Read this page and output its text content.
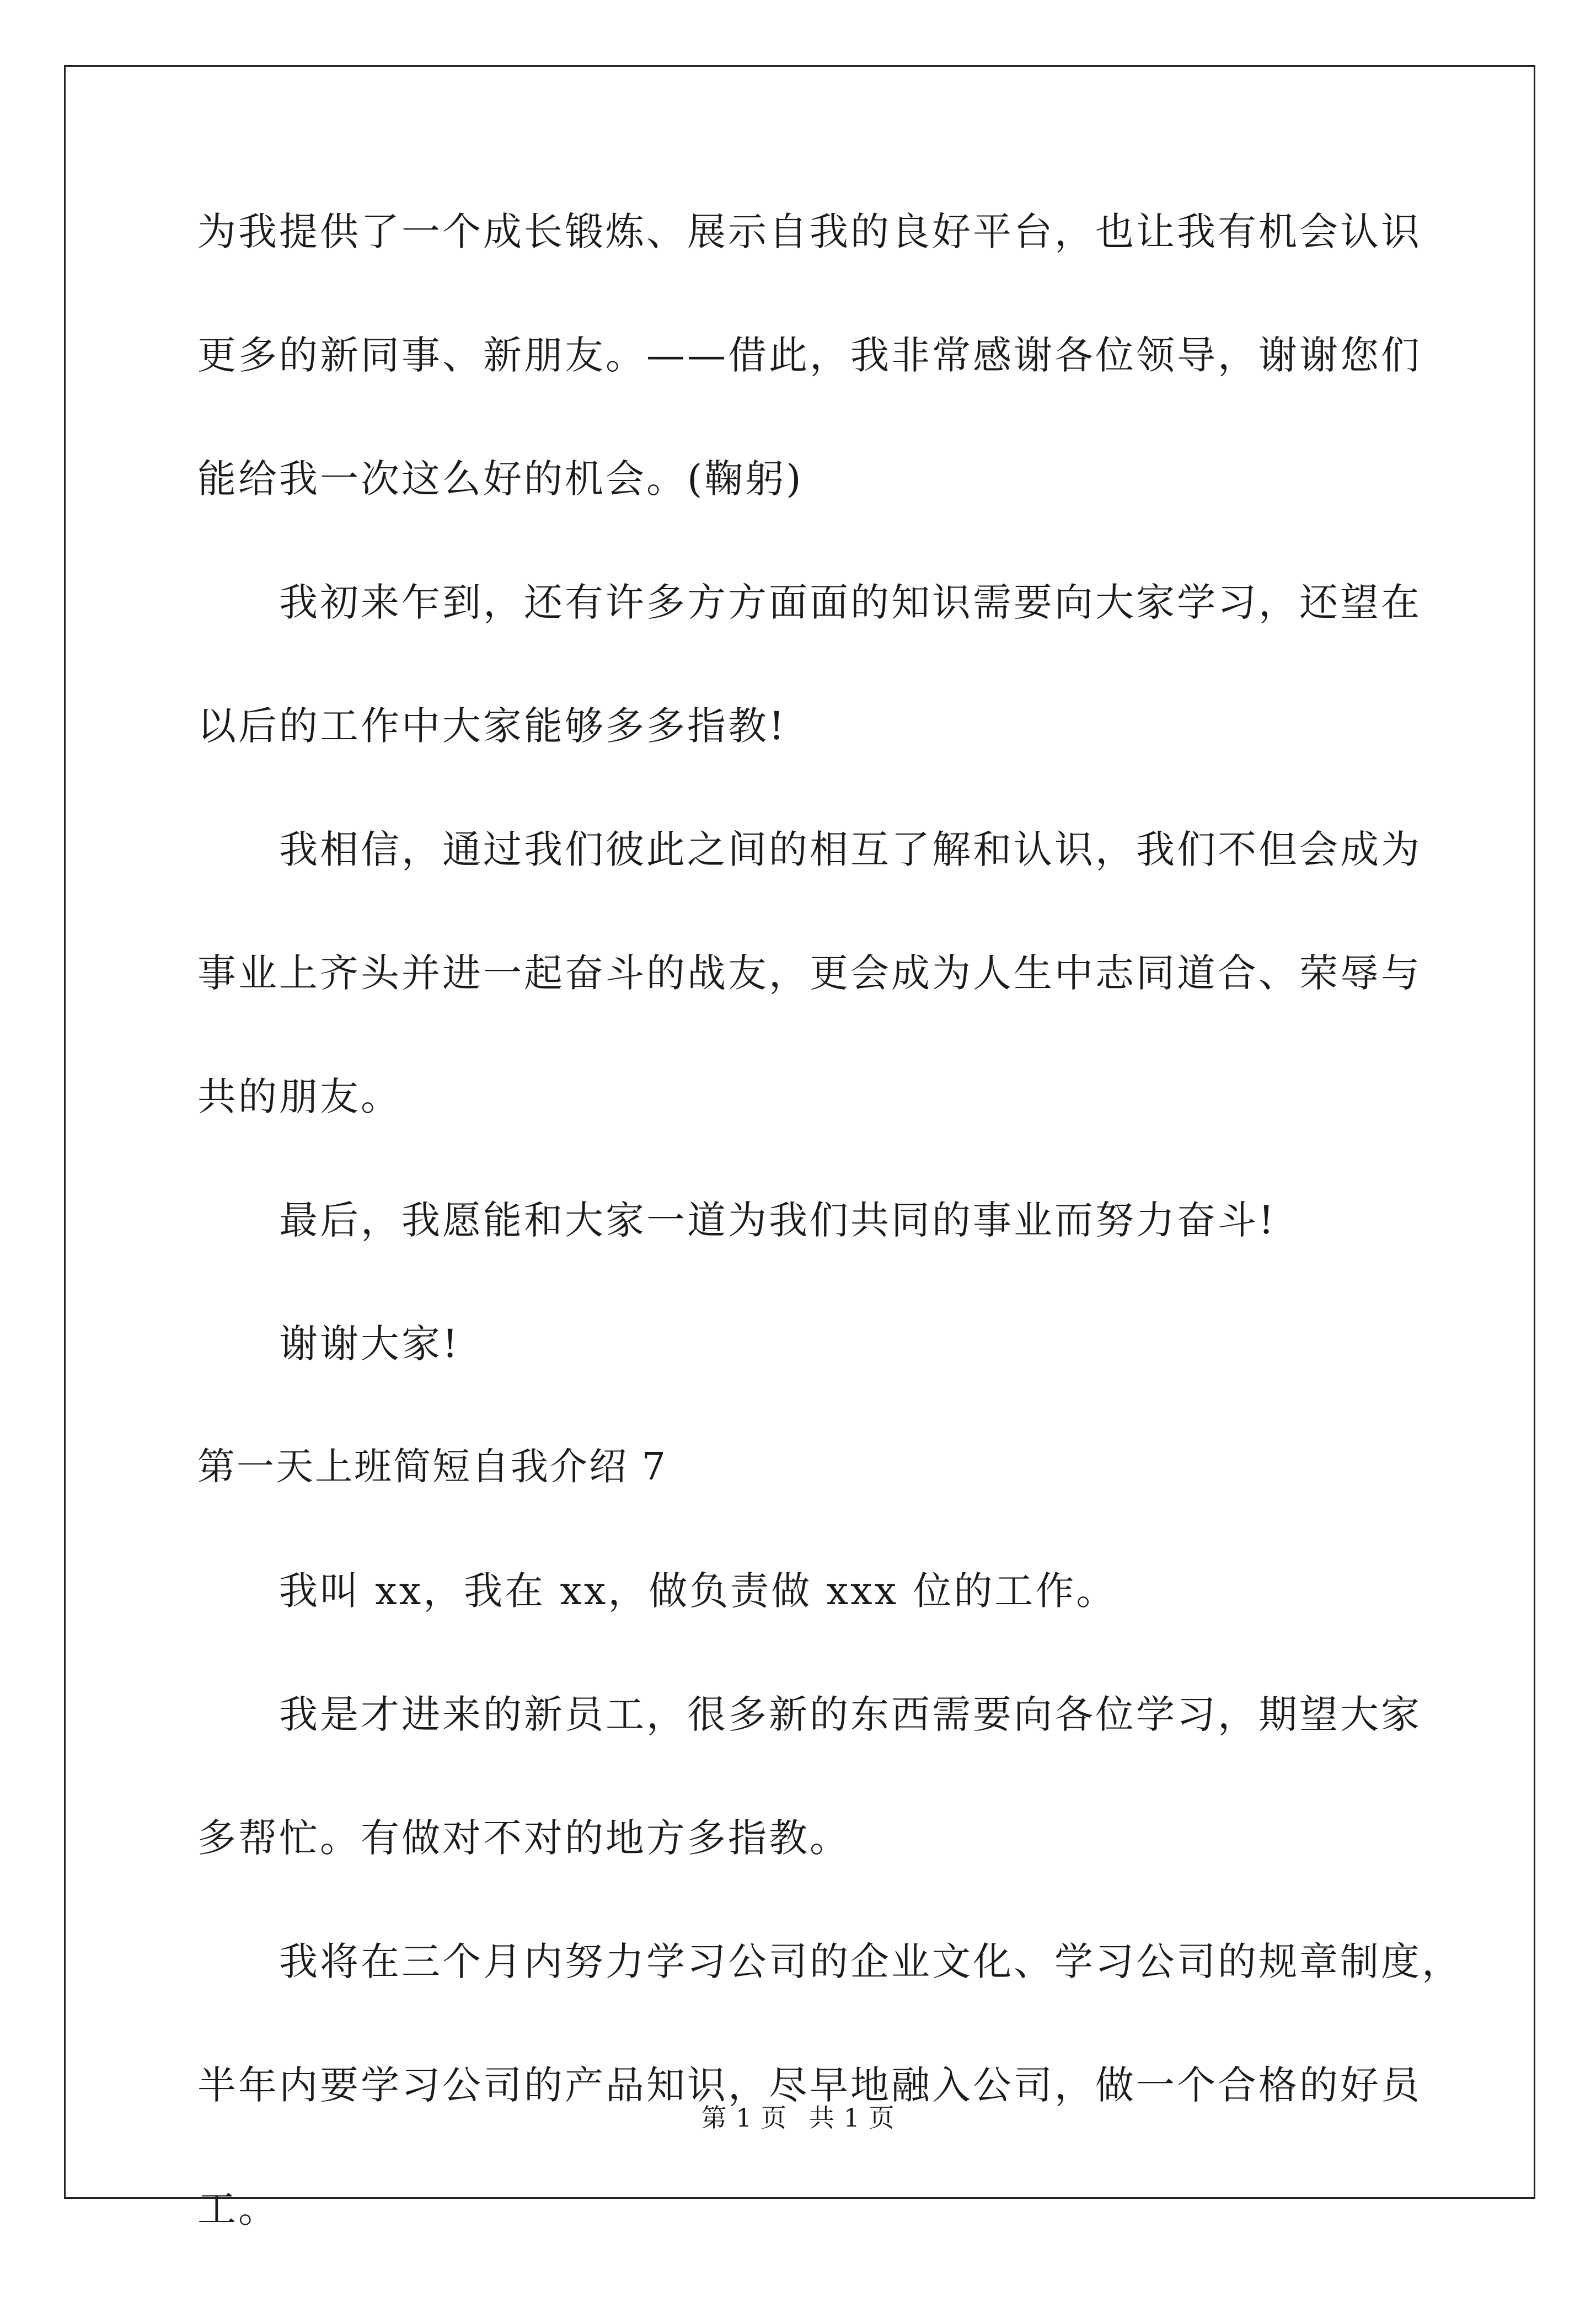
为我提供了一个成长锻炼、展示自我的良好平台，也让我有机会认识

更多的新同事、新朋友。——借此，我非常感谢各位领导，谢谢您们

能给我一次这么好的机会。(鞠躬)

我初来乍到，还有许多方方面面的知识需要向大家学习，还望在

以后的工作中大家能够多多指教!

我相信，通过我们彼此之间的相互了解和认识，我们不但会成为

事业上齐头并进一起奋斗的战友，更会成为人生中志同道合、荣辱与

共的朋友。

最后，我愿能和大家一道为我们共同的事业而努力奋斗!

谢谢大家!

第一天上班简短自我介绍 7

我叫 xx，我在 xx，做负责做 xxx 位的工作。

我是才进来的新员工，很多新的东西需要向各位学习，期望大家

多帮忙。有做对不对的地方多指教。

我将在三个月内努力学习公司的企业文化、学习公司的规章制度，

半年内要学习公司的产品知识，尽早地融入公司，做一个合格的好员

工。

第 1 页 共 1 页
